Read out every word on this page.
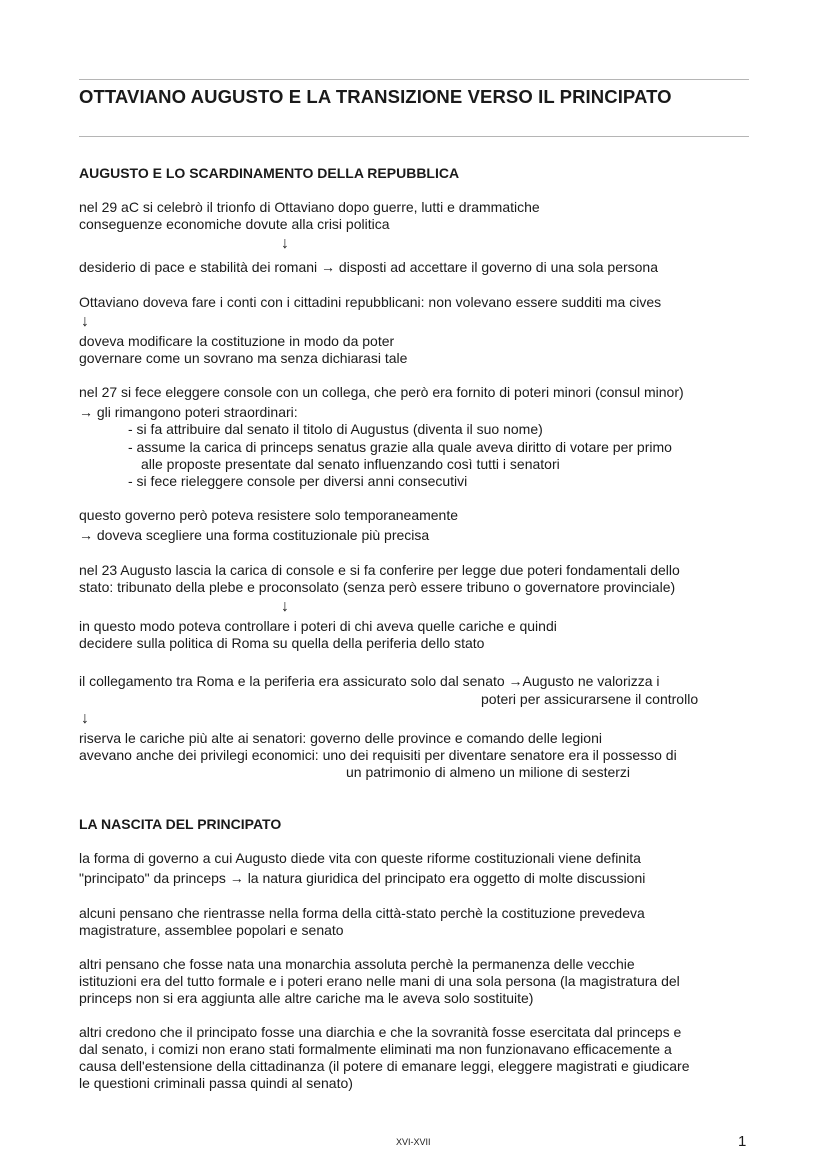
OTTAVIANO AUGUSTO E LA TRANSIZIONE VERSO IL PRINCIPATO
AUGUSTO E LO SCARDINAMENTO DELLA REPUBBLICA

nel 29 aC si celebrò il trionfo di Ottaviano dopo guerre, lutti e drammatiche

conseguenze economiche dovute alla crisi politica

↓

desiderio di pace e stabilità dei romani → disposti ad accettare il governo di una sola persona

Ottaviano doveva fare i conti con i cittadini repubblicani: non volevano essere sudditi ma cives

↓

doveva modificare la costituzione in modo da poter

governare come un sovrano ma senza dichiarasi tale

nel 27 si fece eleggere console con un collega, che però era fornito di poteri minori (consul minor)

→ gli rimangono poteri straordinari:

- si fa attribuire dal senato il titolo di Augustus (diventa il suo nome)

- assume la carica di princeps senatus grazie alla quale aveva diritto di votare per primo

alle proposte presentate dal senato influenzando così tutti i senatori

- si fece rieleggere console per diversi anni consecutivi

questo governo però poteva resistere solo temporaneamente

→ doveva scegliere una forma costituzionale più precisa

nel 23 Augusto lascia la carica di console e si fa conferire per legge due poteri fondamentali dello

stato: tribunato della plebe e proconsolato (senza però essere tribuno o governatore provinciale)

↓

in questo modo poteva controllare i poteri di chi aveva quelle cariche e quindi

decidere sulla politica di Roma su quella della periferia dello stato

il collegamento tra Roma e la periferia era assicurato solo dal senato →Augusto ne valorizza i

poteri per assicurarsene il controllo

↓

riserva le cariche più alte ai senatori: governo delle province e comando delle legioni

avevano anche dei privilegi economici: uno dei requisiti per diventare senatore era il possesso di

un patrimonio di almeno un milione di sesterzi

LA NASCITA DEL PRINCIPATO

la forma di governo a cui Augusto diede vita con queste riforme costituzionali viene definita

"principato" da princeps → la natura giuridica del principato era oggetto di molte discussioni

alcuni pensano che rientrasse nella forma della città-stato perchè la costituzione prevedeva

magistrature, assemblee popolari e senato

altri pensano che fosse nata una monarchia assoluta perchè la permanenza delle vecchie

istituzioni era del tutto formale e i poteri erano nelle mani di una sola persona (la magistratura del

princeps non si era aggiunta alle altre cariche ma le aveva solo sostituite)

altri credono che il principato fosse una diarchia e che la sovranità fosse esercitata dal princeps e

dal senato, i comizi non erano stati formalmente eliminati ma non funzionavano efficacemente a

causa dell'estensione della cittadinanza (il potere di emanare leggi, eleggere magistrati e giudicare

le questioni criminali passa quindi al senato)

XVI-XVII	1
